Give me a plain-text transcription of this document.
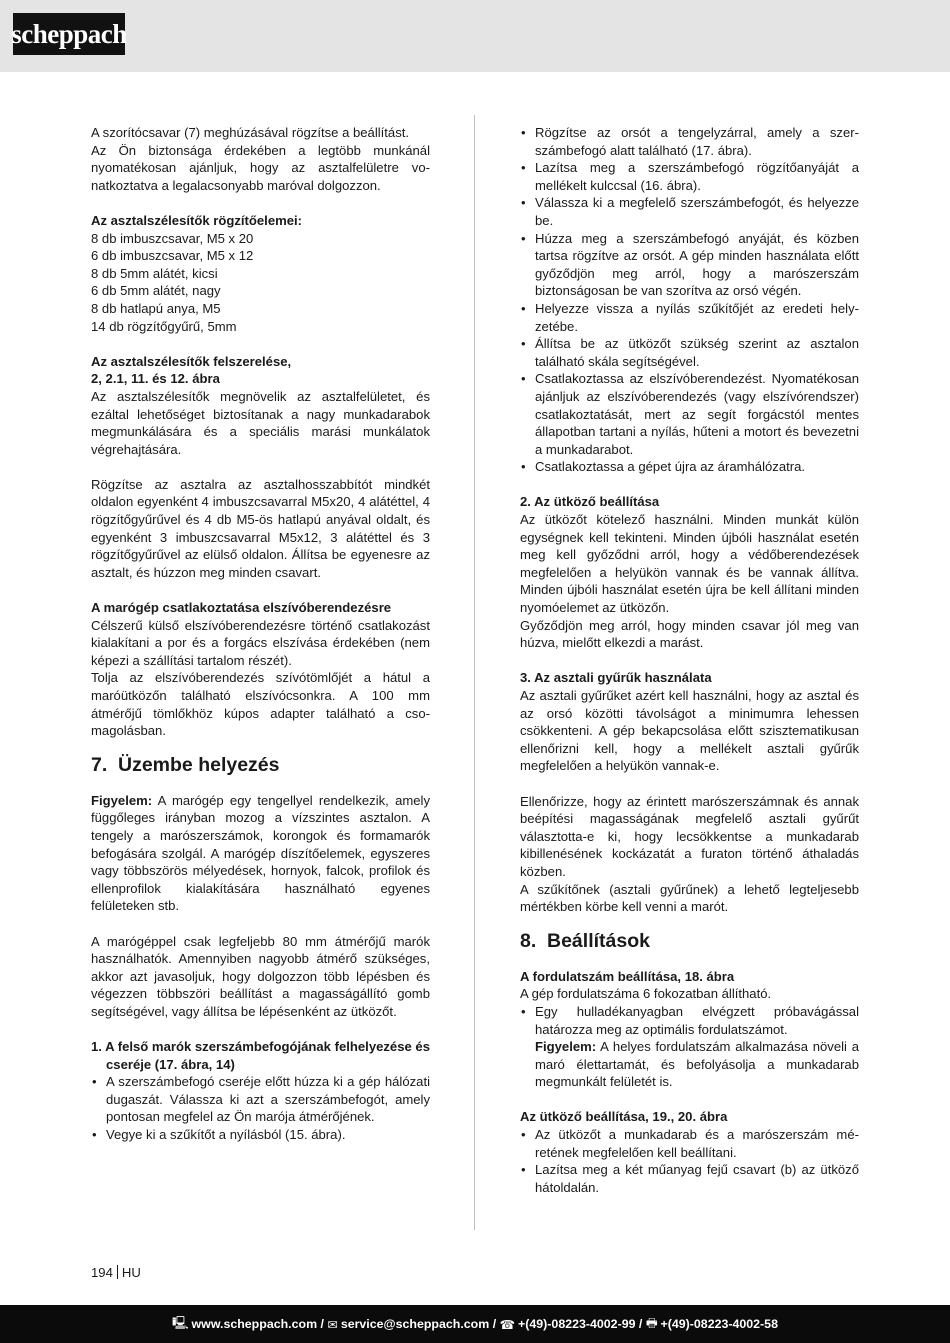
scheppach

A szorítócsavar (7) meghúzásával rögzítse a beállítást.

Az Ön biztonsága érdekében a legtöbb munkánál nyomatékosan ajánljuk, hogy az asztalfelületre vonatkoztatva a legalacsonyabb maróval dolgozzon.

Az asztalszélesítők rögzítőelemei:

8 db imbuszcsavar, M5 x 20
6 db imbuszcsavar, M5 x 12
8 db 5mm alátét, kicsi
6 db 5mm alátét, nagy
8 db hatlapú anya, M5
14 db rögzítőgyűrű, 5mm

Az asztalszélesítők felszerelése,

2, 2.1, 11. és 12. ábra

Az asztalszélesítők megnövelik az asztalfelületet, és ezáltal lehetőséget biztosítanak a nagy munkadarabok megmunkálására és a speciális marási munkálatok végrehajtására.

Rögzítse az asztalra az asztalhosszabbítót mindkét oldalon egyenként 4 imbuszcsavarral M5x20, 4 alátéttel, 4 rögzítőgyűrűvel és 4 db M5-ös hatlapú anyával oldalt, és egyenként 3 imbuszcsavarral M5x12, 3 alátéttel és 3 rögzítőgyűrűvel az elülső oldalon. Állítsa be egyenesre az asztalt, és húzzon meg minden csavart.

A marógép csatlakoztatása elszívóberendezésre

Célszerű külső elszívóberendezésre történő csatlakozást kialakítani a por és a forgács elszívása érdekében (nem képezi a szállítási tartalom részét).

Tolja az elszívóberendezés szívótömlőjét a hátul a maróütközőn található elszívócsonkra. A 100 mm átmérőjű tömlőkhöz kúpos adapter található a csomagolásban.

7. Üzembe helyezés

Figyelem: A marógép egy tengellyel rendelkezik, amely függőleges irányban mozog a vízszintes asztalon. A tengely a marószerszámok, korongok és formamarók befogására szolgál. A marógép díszítőelemek, egyszeres vagy többszörös mélyedések, hornyok, falcok, profilok és ellenprofilok kialakítására használható egyenes felületeken stb.

A marógéppel csak legfeljebb 80 mm átmérőjű marók használhatók. Amennyiben nagyobb átmérő szükséges, akkor azt javasoljuk, hogy dolgozzon több lépésben és végezzen többszöri beállítást a magasságállító gomb segítségével, vagy állítsa be lépésenként az ütközőt.

1. A felső marók szerszámbefogójának felhelyezése és cseréje (17. ábra, 14)

• A szerszámbefogó cseréje előtt húzza ki a gép hálózati dugaszát. Válassza ki azt a szerszámbefogót, amely pontosan megfelel az Ön marója átmérőjének.
• Vegye ki a szűkítőt a nyílásból (15. ábra).
• Rögzítse az orsót a tengelyzárral, amely a szerszámbefogó alatt található (17. ábra).
• Lazítsa meg a szerszámbefogó rögzítőanyáját a mellékelt kulccsal (16. ábra).
• Válassza ki a megfelelő szerszámbefogót, és helyezze be.
• Húzza meg a szerszámbefogó anyáját, és közben tartsa rögzítve az orsót. A gép minden használata előtt győződjön meg arról, hogy a marószerszám biztonságosan be van szorítva az orsó végén.
• Helyezze vissza a nyílás szűkítőjét az eredeti helyzetébe.
• Állítsa be az ütközőt szükség szerint az asztalon található skála segítségével.
• Csatlakoztassa az elszívóberendezést. Nyomatékosan ajánljuk az elszívóberendezés (vagy elszívórendszer) csatlakoztatását, mert az segít forgácstól mentes állapotban tartani a nyílás, hűteni a motort és bevezetni a munkadarabot.
• Csatlakoztassa a gépet újra az áramhálózatra.

2. Az ütköző beállítása

Az ütközőt kötelező használni. Minden munkát külön egységnek kell tekinteni. Minden újbóli használat esetén meg kell győződni arról, hogy a védőberendezések megfelelően a helyükön vannak és be vannak állítva. Minden újbóli használat esetén újra be kell állítani minden nyomóelemet az ütközőn.

Győződjön meg arról, hogy minden csavar jól meg van húzva, mielőtt elkezdi a marást.

3. Az asztali gyűrűk használata

Az asztali gyűrűket azért kell használni, hogy az asztal és az orsó közötti távolságot a minimumra lehessen csökkenteni. A gép bekapcsolása előtt szisztematikusan ellenőrizni kell, hogy a mellékelt asztali gyűrűk megfelelően a helyükön vannak-e.

Ellenőrizze, hogy az érintett marószerszámnak és annak beépítési magasságának megfelelő asztali gyűrűt választotta-e ki, hogy lecsökkentse a munkadarab kibillenésének kockázatát a furaton történő áthaladás közben.

A szűkítőnek (asztali gyűrűnek) a lehető legteljesebb mértékben körbe kell venni a marót.

8. Beállítások

A fordulatszám beállítása, 18. ábra

A gép fordulatszáma 6 fokozatban állítható.

• Egy hulladékanyagban elvégzett próbavágással határozza meg az optimális fordulatszámot.
Figyelem: A helyes fordulatszám alkalmazása növeli a maró élettartamát, és befolyásolja a munkadarab megmunkált felületét is.

Az ütköző beállítása, 19., 20. ábra

• Az ütközőt a munkadarab és a marószerszám méretének megfelelően kell beállítani.
• Lazítsa meg a két műanyag fejű csavart (b) az ütköző hátoldalán.
194 HU
🖳 www.scheppach.com / ✉ service@scheppach.com / ☎ +(49)-08223-4002-99 / 🖶 +(49)-08223-4002-58
